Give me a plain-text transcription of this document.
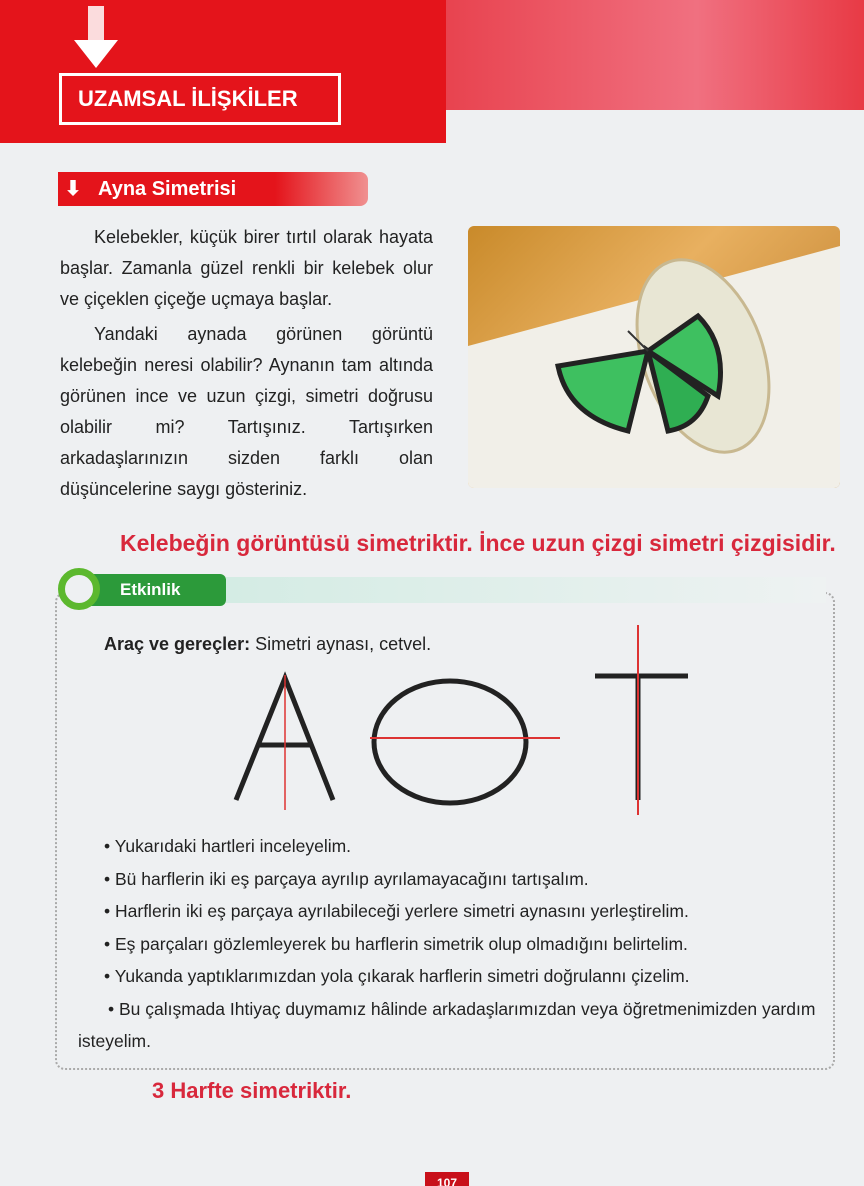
UZAMSAL İLİŞKİLER
⬇ Ayna Simetrisi

Kelebekler, küçük birer tırtıl olarak hayata başlar. Zamanla güzel renkli bir kelebek olur ve çiçeklen çiçeğe uçmaya başlar.

Yandaki aynada görünen görüntü kelebeğin neresi olabilir? Aynanın tam altında görünen ince ve uzun çizgi, simetri doğrusu olabilir mi? Tartışınız. Tartışırken arkadaşlarınızın sizden farklı olan düşüncelerine saygı gösteriniz.

Kelebeğin görüntüsü simetriktir. İnce uzun çizgi simetri çizgisidir.
Etkinlik
Araç ve gereçler: Simetri aynası, cetvel.
• Yukarıdaki hartleri inceleyelim.
• Bü harflerin iki eş parçaya ayrılıp ayrılamayacağını tartışalım.
• Harflerin iki eş parçaya ayrılabileceği yerlere simetri aynasını yerleştirelim.
• Eş parçaları gözlemleyerek bu harflerin simetrik olup olmadığını belirtelim.
• Yukanda yaptıklarımızdan yola çıkarak harflerin simetri doğrulannı çizelim.
• Bu çalışmada Ihtiyaç duymamız hâlinde arkadaşlarımızdan veya öğretmenimizden yardım isteyelim.
3 Harfte simetriktir.
107
